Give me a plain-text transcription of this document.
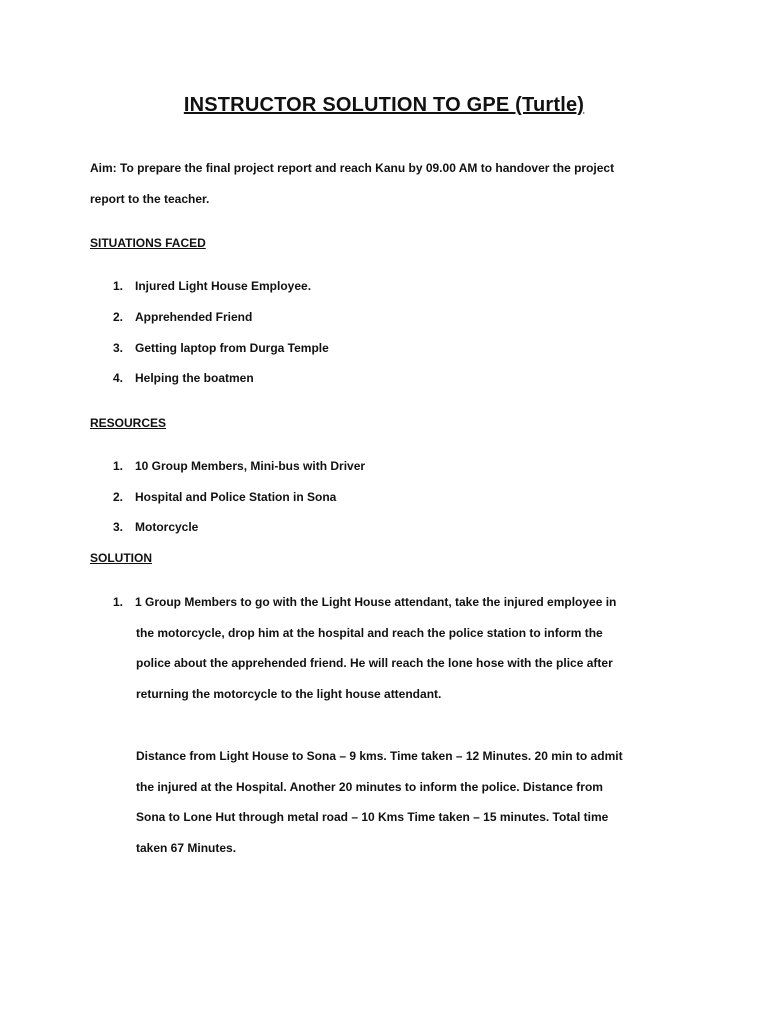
INSTRUCTOR SOLUTION TO GPE (Turtle)
Aim: To prepare the final project report and reach Kanu by 09.00 AM to handover the project
report to the teacher.
SITUATIONS FACED
1. Injured Light House Employee.
2. Apprehended Friend
3. Getting laptop from Durga Temple
4. Helping the boatmen
RESOURCES
1. 10 Group Members, Mini-bus with Driver
2. Hospital and Police Station in Sona
3. Motorcycle
SOLUTION
1. 1 Group Members to go with the Light House attendant, take the injured employee in
the motorcycle, drop him at the hospital and reach the police station to inform the
police about the apprehended friend. He will reach the lone hose with the plice after
returning the motorcycle to the light house attendant.
Distance from Light House to Sona – 9 kms. Time taken – 12 Minutes. 20 min to admit
the injured at the Hospital. Another 20 minutes to inform the police. Distance from
Sona to Lone Hut through metal road – 10 Kms Time taken – 15 minutes. Total time
taken 67 Minutes.
